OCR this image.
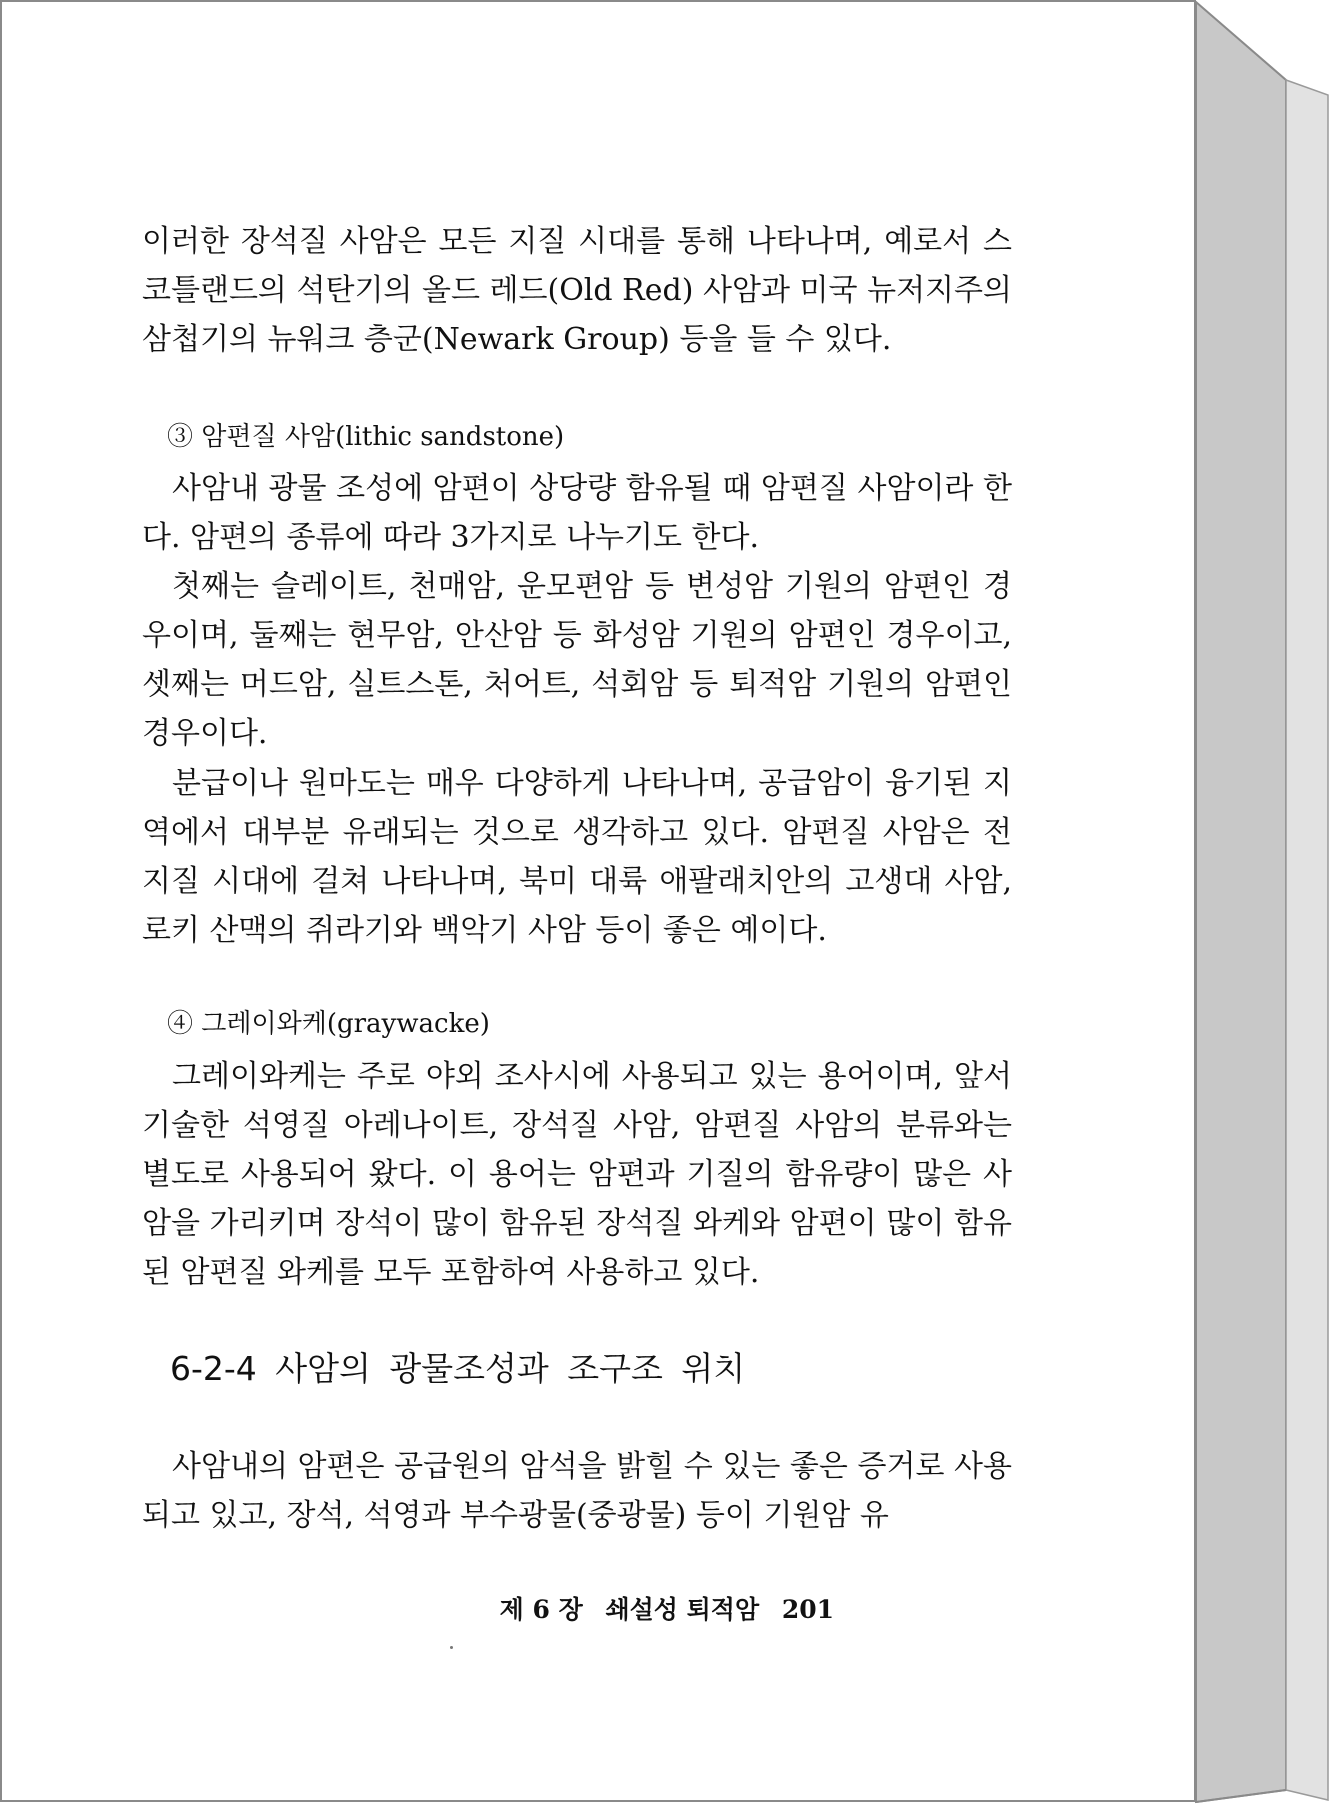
이러한 장석질 사암은 모든 지질 시대를 통해 나타나며, 예로서 스코틀랜드의 석탄기의 올드 레드(Old Red) 사암과 미국 뉴저지주의 삼첩기의 뉴워크 층군(Newark Group) 등을 들 수 있다.

③ 암편질 사암(lithic sandstone)

사암내 광물 조성에 암편이 상당량 함유될 때 암편질 사암이라 한다. 암편의 종류에 따라 3가지로 나누기도 한다.

첫째는 슬레이트, 천매암, 운모편암 등 변성암 기원의 암편인 경우이며, 둘째는 현무암, 안산암 등 화성암 기원의 암편인 경우이고, 셋째는 머드암, 실트스톤, 처어트, 석회암 등 퇴적암 기원의 암편인 경우이다.

분급이나 원마도는 매우 다양하게 나타나며, 공급암이 융기된 지역에서 대부분 유래되는 것으로 생각하고 있다. 암편질 사암은 전 지질 시대에 걸쳐 나타나며, 북미 대륙 애팔래치안의 고생대 사암, 로키 산맥의 쥐라기와 백악기 사암 등이 좋은 예이다.

④ 그레이와케(graywacke)

그레이와케는 주로 야외 조사시에 사용되고 있는 용어이며, 앞서 기술한 석영질 아레나이트, 장석질 사암, 암편질 사암의 분류와는 별도로 사용되어 왔다. 이 용어는 암편과 기질의 함유량이 많은 사암을 가리키며 장석이 많이 함유된 장석질 와케와 암편이 많이 함유된 암편질 와케를 모두 포함하여 사용하고 있다.

6-2-4 사암의 광물조성과 조구조 위치

사암내의 암편은 공급원의 암석을 밝힐 수 있는 좋은 증거로 사용되고 있고, 장석, 석영과 부수광물(중광물) 등이 기원암 유

제 6 장 쇄설성 퇴적암 201
